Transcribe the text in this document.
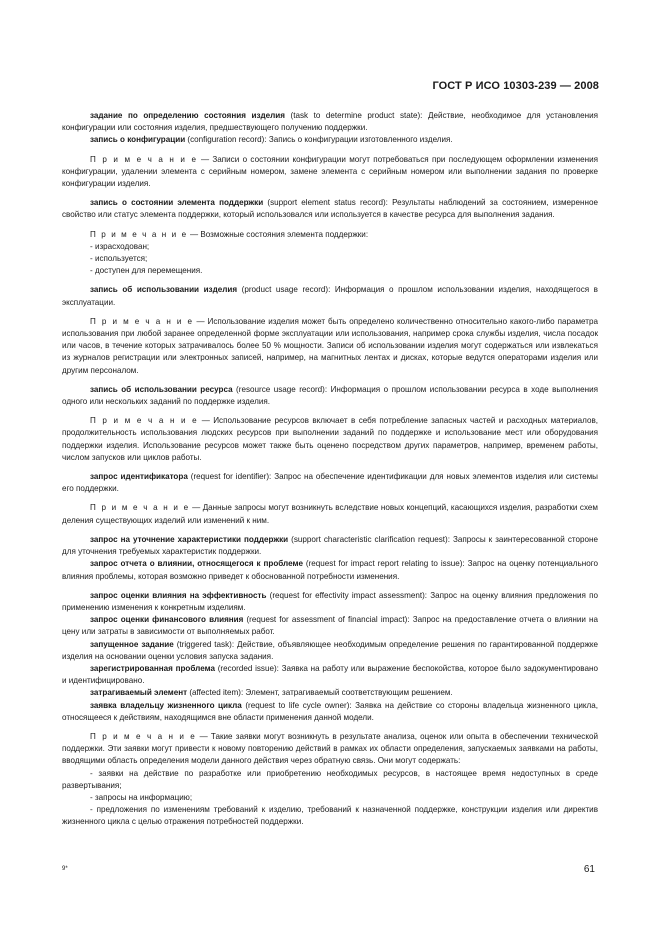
ГОСТ Р ИСО 10303-239 — 2008

задание по определению состояния изделия (task to determine product state): Действие, необходимое для установления конфигурации или состояния изделия, предшествующего получению поддержки.

запись о конфигурации (configuration record): Запись о конфигурации изготовленного изделия.

П р и м е ч а н и е — Записи о состоянии конфигурации могут потребоваться при последующем оформлении изменения конфигурации, удалении элемента с серийным номером, замене элемента с серийным номером или выполнении задания по проверке конфигурации изделия.

запись о состоянии элемента поддержки (support element status record): Результаты наблюдений за состоянием, измеренное свойство или статус элемента поддержки, который использовался или используется в качестве ресурса для выполнения задания.

П р и м е ч а н и е — Возможные состояния элемента поддержки:

- израсходован;

- используется;

- доступен для перемещения.

запись об использовании изделия (product usage record): Информация о прошлом использовании изделия, находящегося в эксплуатации.

П р и м е ч а н и е — Использование изделия может быть определено количественно относительно какого-либо параметра использования при любой заранее определенной форме эксплуатации или использования, например срока службы изделия, числа посадок или часов, в течение которых затрачивалось более 50 % мощности. Записи об использовании изделия могут содержаться или извлекаться из журналов регистрации или электронных записей, например, на магнитных лентах и дисках, которые ведутся операторами изделия или другим персоналом.

запись об использовании ресурса (resource usage record): Информация о прошлом использовании ресурса в ходе выполнения одного или нескольких заданий по поддержке изделия.

П р и м е ч а н и е — Использование ресурсов включает в себя потребление запасных частей и расходных материалов, продолжительность использования людских ресурсов при выполнении заданий по поддержке и использование мест или оборудования поддержки изделия. Использование ресурсов может также быть оценено посредством других параметров, например, временем работы, числом запусков или циклов работы.

запрос идентификатора (request for identifier): Запрос на обеспечение идентификации для новых элементов изделия или системы его поддержки.

П р и м е ч а н и е — Данные запросы могут возникнуть вследствие новых концепций, касающихся изделия, разработки схем деления существующих изделий или изменений к ним.

запрос на уточнение характеристики поддержки (support characteristic clarification request): Запросы к заинтересованной стороне для уточнения требуемых характеристик поддержки.

запрос отчета о влиянии, относящегося к проблеме (request for impact report relating to issue): Запрос на оценку потенциального влияния проблемы, которая возможно приведет к обоснованной потребности изменения.

запрос оценки влияния на эффективность (request for effectivity impact assessment): Запрос на оценку влияния предложения по применению изменения к конкретным изделиям.

запрос оценки финансового влияния (request for assessment of financial impact): Запрос на предоставление отчета о влиянии на цену или затраты в зависимости от выполняемых работ.

запущенное задание (triggered task): Действие, объявляющее необходимым определение решения по гарантированной поддержке изделия на основании оценки условия запуска задания.

зарегистрированная проблема (recorded issue): Заявка на работу или выражение беспокойства, которое было задокументировано и идентифицировано.

затрагиваемый элемент (affected item): Элемент, затрагиваемый соответствующим решением.

заявка владельцу жизненного цикла (request to life cycle owner): Заявка на действие со стороны владельца жизненного цикла, относящееся к действиям, находящимся вне области применения данной модели.

П р и м е ч а н и е — Такие заявки могут возникнуть в результате анализа, оценок или опыта в обеспечении технической поддержки. Эти заявки могут привести к новому повторению действий в рамках их области определения, запускаемых заявками на работы, вводящими область определения модели данного действия через обратную связь. Они могут содержать:

- заявки на действие по разработке или приобретению необходимых ресурсов, в настоящее время недоступных в среде развертывания;

- запросы на информацию;

- предложения по изменениям требований к изделию, требований к назначенной поддержке, конструкции изделия или директив жизненного цикла с целью отражения потребностей поддержки.

9*	61
